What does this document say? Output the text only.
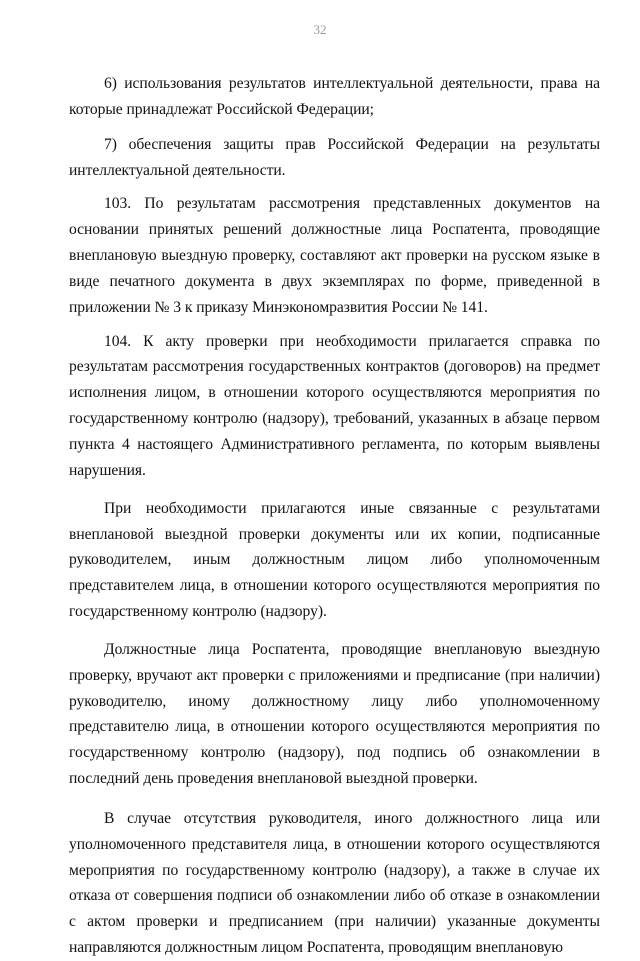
32

6) использования результатов интеллектуальной деятельности, права на которые принадлежат Российской Федерации;

7) обеспечения защиты прав Российской Федерации на результаты интеллектуальной деятельности.

103. По результатам рассмотрения представленных документов на основании принятых решений должностные лица Роспатента, проводящие внеплановую выездную проверку, составляют акт проверки на русском языке в виде печатного документа в двух экземплярах по форме, приведенной в приложении № 3 к приказу Минэкономразвития России № 141.

104. К акту проверки при необходимости прилагается справка по результатам рассмотрения государственных контрактов (договоров) на предмет исполнения лицом, в отношении которого осуществляются мероприятия по государственному контролю (надзору), требований, указанных в абзаце первом пункта 4 настоящего Административного регламента, по которым выявлены нарушения.

При необходимости прилагаются иные связанные с результатами внеплановой выездной проверки документы или их копии, подписанные руководителем, иным должностным лицом либо уполномоченным представителем лица, в отношении которого осуществляются мероприятия по государственному контролю (надзору).

Должностные лица Роспатента, проводящие внеплановую выездную проверку, вручают акт проверки с приложениями и предписание (при наличии) руководителю, иному должностному лицу либо уполномоченному представителю лица, в отношении которого осуществляются мероприятия по государственному контролю (надзору), под подпись об ознакомлении в последний день проведения внеплановой выездной проверки.

В случае отсутствия руководителя, иного должностного лица или уполномоченного представителя лица, в отношении которого осуществляются мероприятия по государственному контролю (надзору), а также в случае их отказа от совершения подписи об ознакомлении либо об отказе в ознакомлении с актом проверки и предписанием (при наличии) указанные документы направляются должностным лицом Роспатента, проводящим внеплановую
